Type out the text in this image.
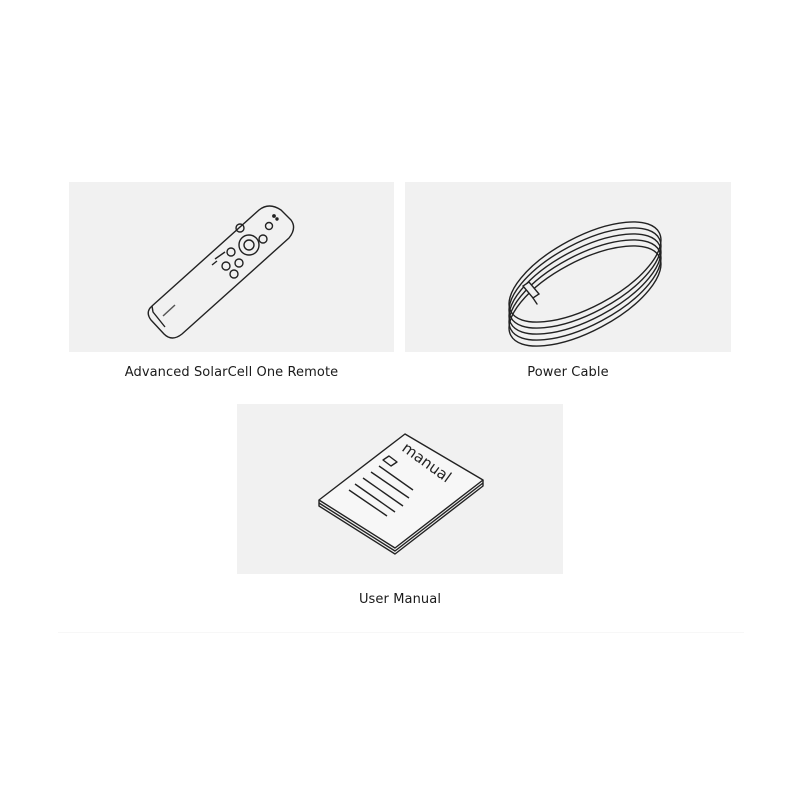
Advanced SolarCell One Remote	Power Cable
manual
User Manual
